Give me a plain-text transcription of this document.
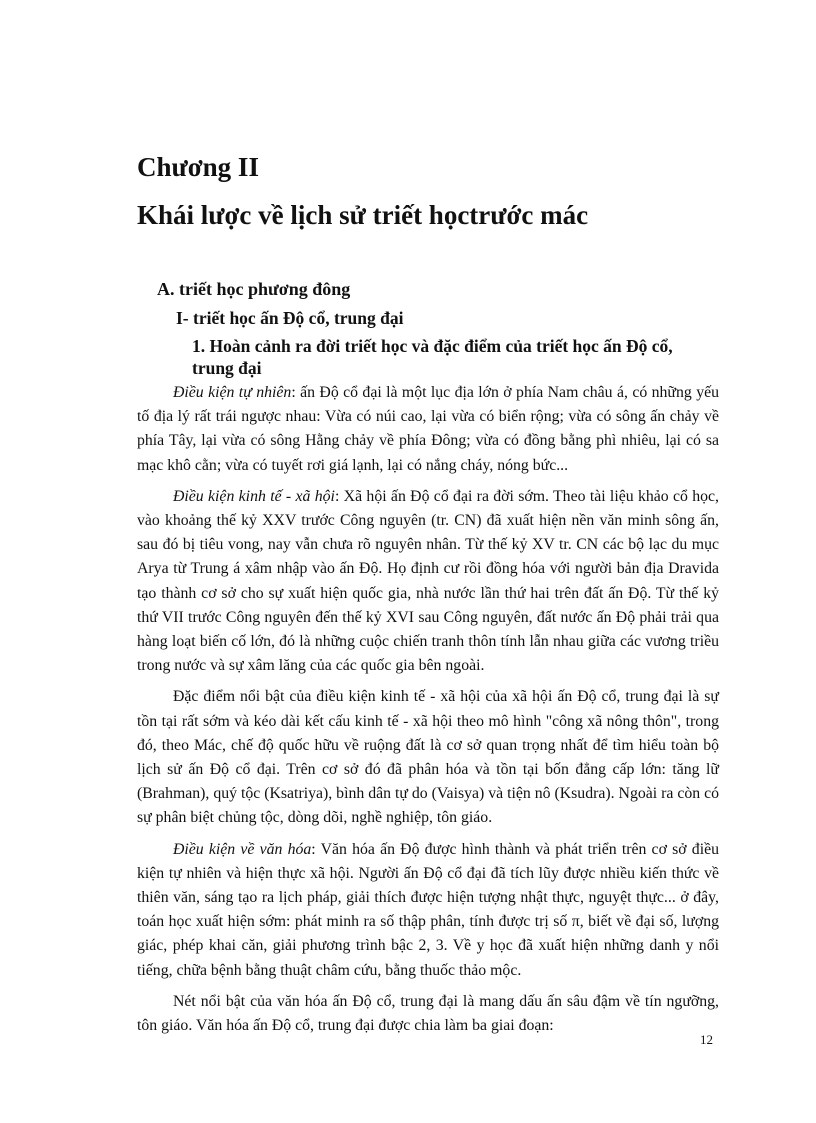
Chương II
Khái lược về lịch sử triết họctrước mác
A. triết học phương đông
I- triết học ấn Độ cổ, trung đại
1. Hoàn cảnh ra đời triết học và đặc điểm của triết học ấn Độ cổ, trung đại

Điều kiện tự nhiên: ấn Độ cổ đại là một lục địa lớn ở phía Nam châu á, có những yếu tố địa lý rất trái ngược nhau: Vừa có núi cao, lại vừa có biển rộng; vừa có sông ấn chảy về phía Tây, lại vừa có sông Hằng chảy về phía Đông; vừa có đồng bằng phì nhiêu, lại có sa mạc khô cằn; vừa có tuyết rơi giá lạnh, lại có nắng cháy, nóng bức...

Điều kiện kinh tế - xã hội: Xã hội ấn Độ cổ đại ra đời sớm. Theo tài liệu khảo cổ học, vào khoảng thế kỷ XXV trước Công nguyên (tr. CN) đã xuất hiện nền văn minh sông ấn, sau đó bị tiêu vong, nay vẫn chưa rõ nguyên nhân. Từ thế kỷ XV tr. CN các bộ lạc du mục Arya từ Trung á xâm nhập vào ấn Độ. Họ định cư rồi đồng hóa với người bản địa Dravida tạo thành cơ sở cho sự xuất hiện quốc gia, nhà nước lần thứ hai trên đất ấn Độ. Từ thế kỷ thứ VII trước Công nguyên đến thế kỷ XVI sau Công nguyên, đất nước ấn Độ phải trải qua hàng loạt biến cố lớn, đó là những cuộc chiến tranh thôn tính lẫn nhau giữa các vương triều trong nước và sự xâm lăng của các quốc gia bên ngoài.

Đặc điểm nổi bật của điều kiện kinh tế - xã hội của xã hội ấn Độ cổ, trung đại là sự tồn tại rất sớm và kéo dài kết cấu kinh tế - xã hội theo mô hình "công xã nông thôn", trong đó, theo Mác, chế độ quốc hữu về ruộng đất là cơ sở quan trọng nhất để tìm hiểu toàn bộ lịch sử ấn Độ cổ đại. Trên cơ sở đó đã phân hóa và tồn tại bốn đẳng cấp lớn: tăng lữ (Brahman), quý tộc (Ksatriya), bình dân tự do (Vaisya) và tiện nô (Ksudra). Ngoài ra còn có sự phân biệt chủng tộc, dòng dõi, nghề nghiệp, tôn giáo.

Điều kiện về văn hóa: Văn hóa ấn Độ được hình thành và phát triển trên cơ sở điều kiện tự nhiên và hiện thực xã hội. Người ấn Độ cổ đại đã tích lũy được nhiều kiến thức về thiên văn, sáng tạo ra lịch pháp, giải thích được hiện tượng nhật thực, nguyệt thực... ở đây, toán học xuất hiện sớm: phát minh ra số thập phân, tính được trị số π, biết về đại số, lượng giác, phép khai căn, giải phương trình bậc 2, 3. Về y học đã xuất hiện những danh y nổi tiếng, chữa bệnh bằng thuật châm cứu, bằng thuốc thảo mộc.

Nét nổi bật của văn hóa ấn Độ cổ, trung đại là mang dấu ấn sâu đậm về tín ngưỡng, tôn giáo. Văn hóa ấn Độ cổ, trung đại được chia làm ba giai đoạn:

12
